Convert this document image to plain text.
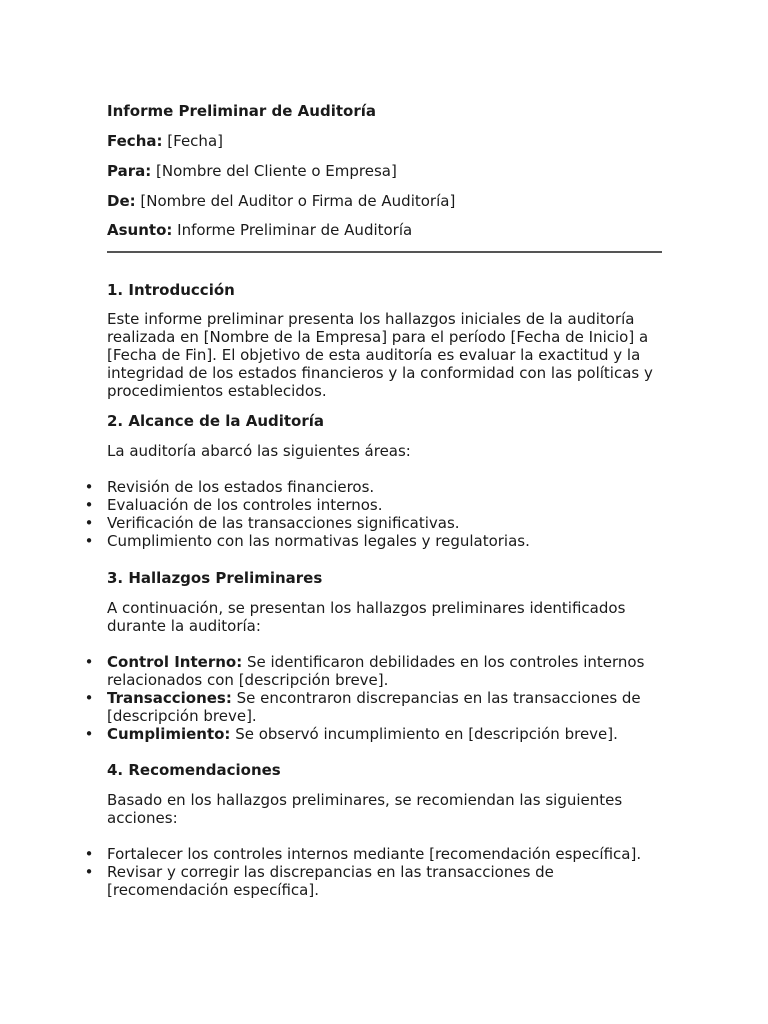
Informe Preliminar de Auditoría
Fecha: [Fecha]
Para: [Nombre del Cliente o Empresa]
De: [Nombre del Auditor o Firma de Auditoría]
Asunto: Informe Preliminar de Auditoría
1. Introducción

Este informe preliminar presenta los hallazgos iniciales de la auditoría realizada en [Nombre de la Empresa] para el período [Fecha de Inicio] a [Fecha de Fin]. El objetivo de esta auditoría es evaluar la exactitud y la integridad de los estados financieros y la conformidad con las políticas y procedimientos establecidos.

2. Alcance de la Auditoría

La auditoría abarcó las siguientes áreas:

• Revisión de los estados financieros.
• Evaluación de los controles internos.
• Verificación de las transacciones significativas.
• Cumplimiento con las normativas legales y regulatorias.
3. Hallazgos Preliminares

A continuación, se presentan los hallazgos preliminares identificados durante la auditoría:

• Control Interno: Se identificaron debilidades en los controles internos relacionados con [descripción breve].
• Transacciones: Se encontraron discrepancias en las transacciones de [descripción breve].
• Cumplimiento: Se observó incumplimiento en [descripción breve].
4. Recomendaciones

Basado en los hallazgos preliminares, se recomiendan las siguientes acciones:

• Fortalecer los controles internos mediante [recomendación específica].
• Revisar y corregir las discrepancias en las transacciones de [recomendación específica].
